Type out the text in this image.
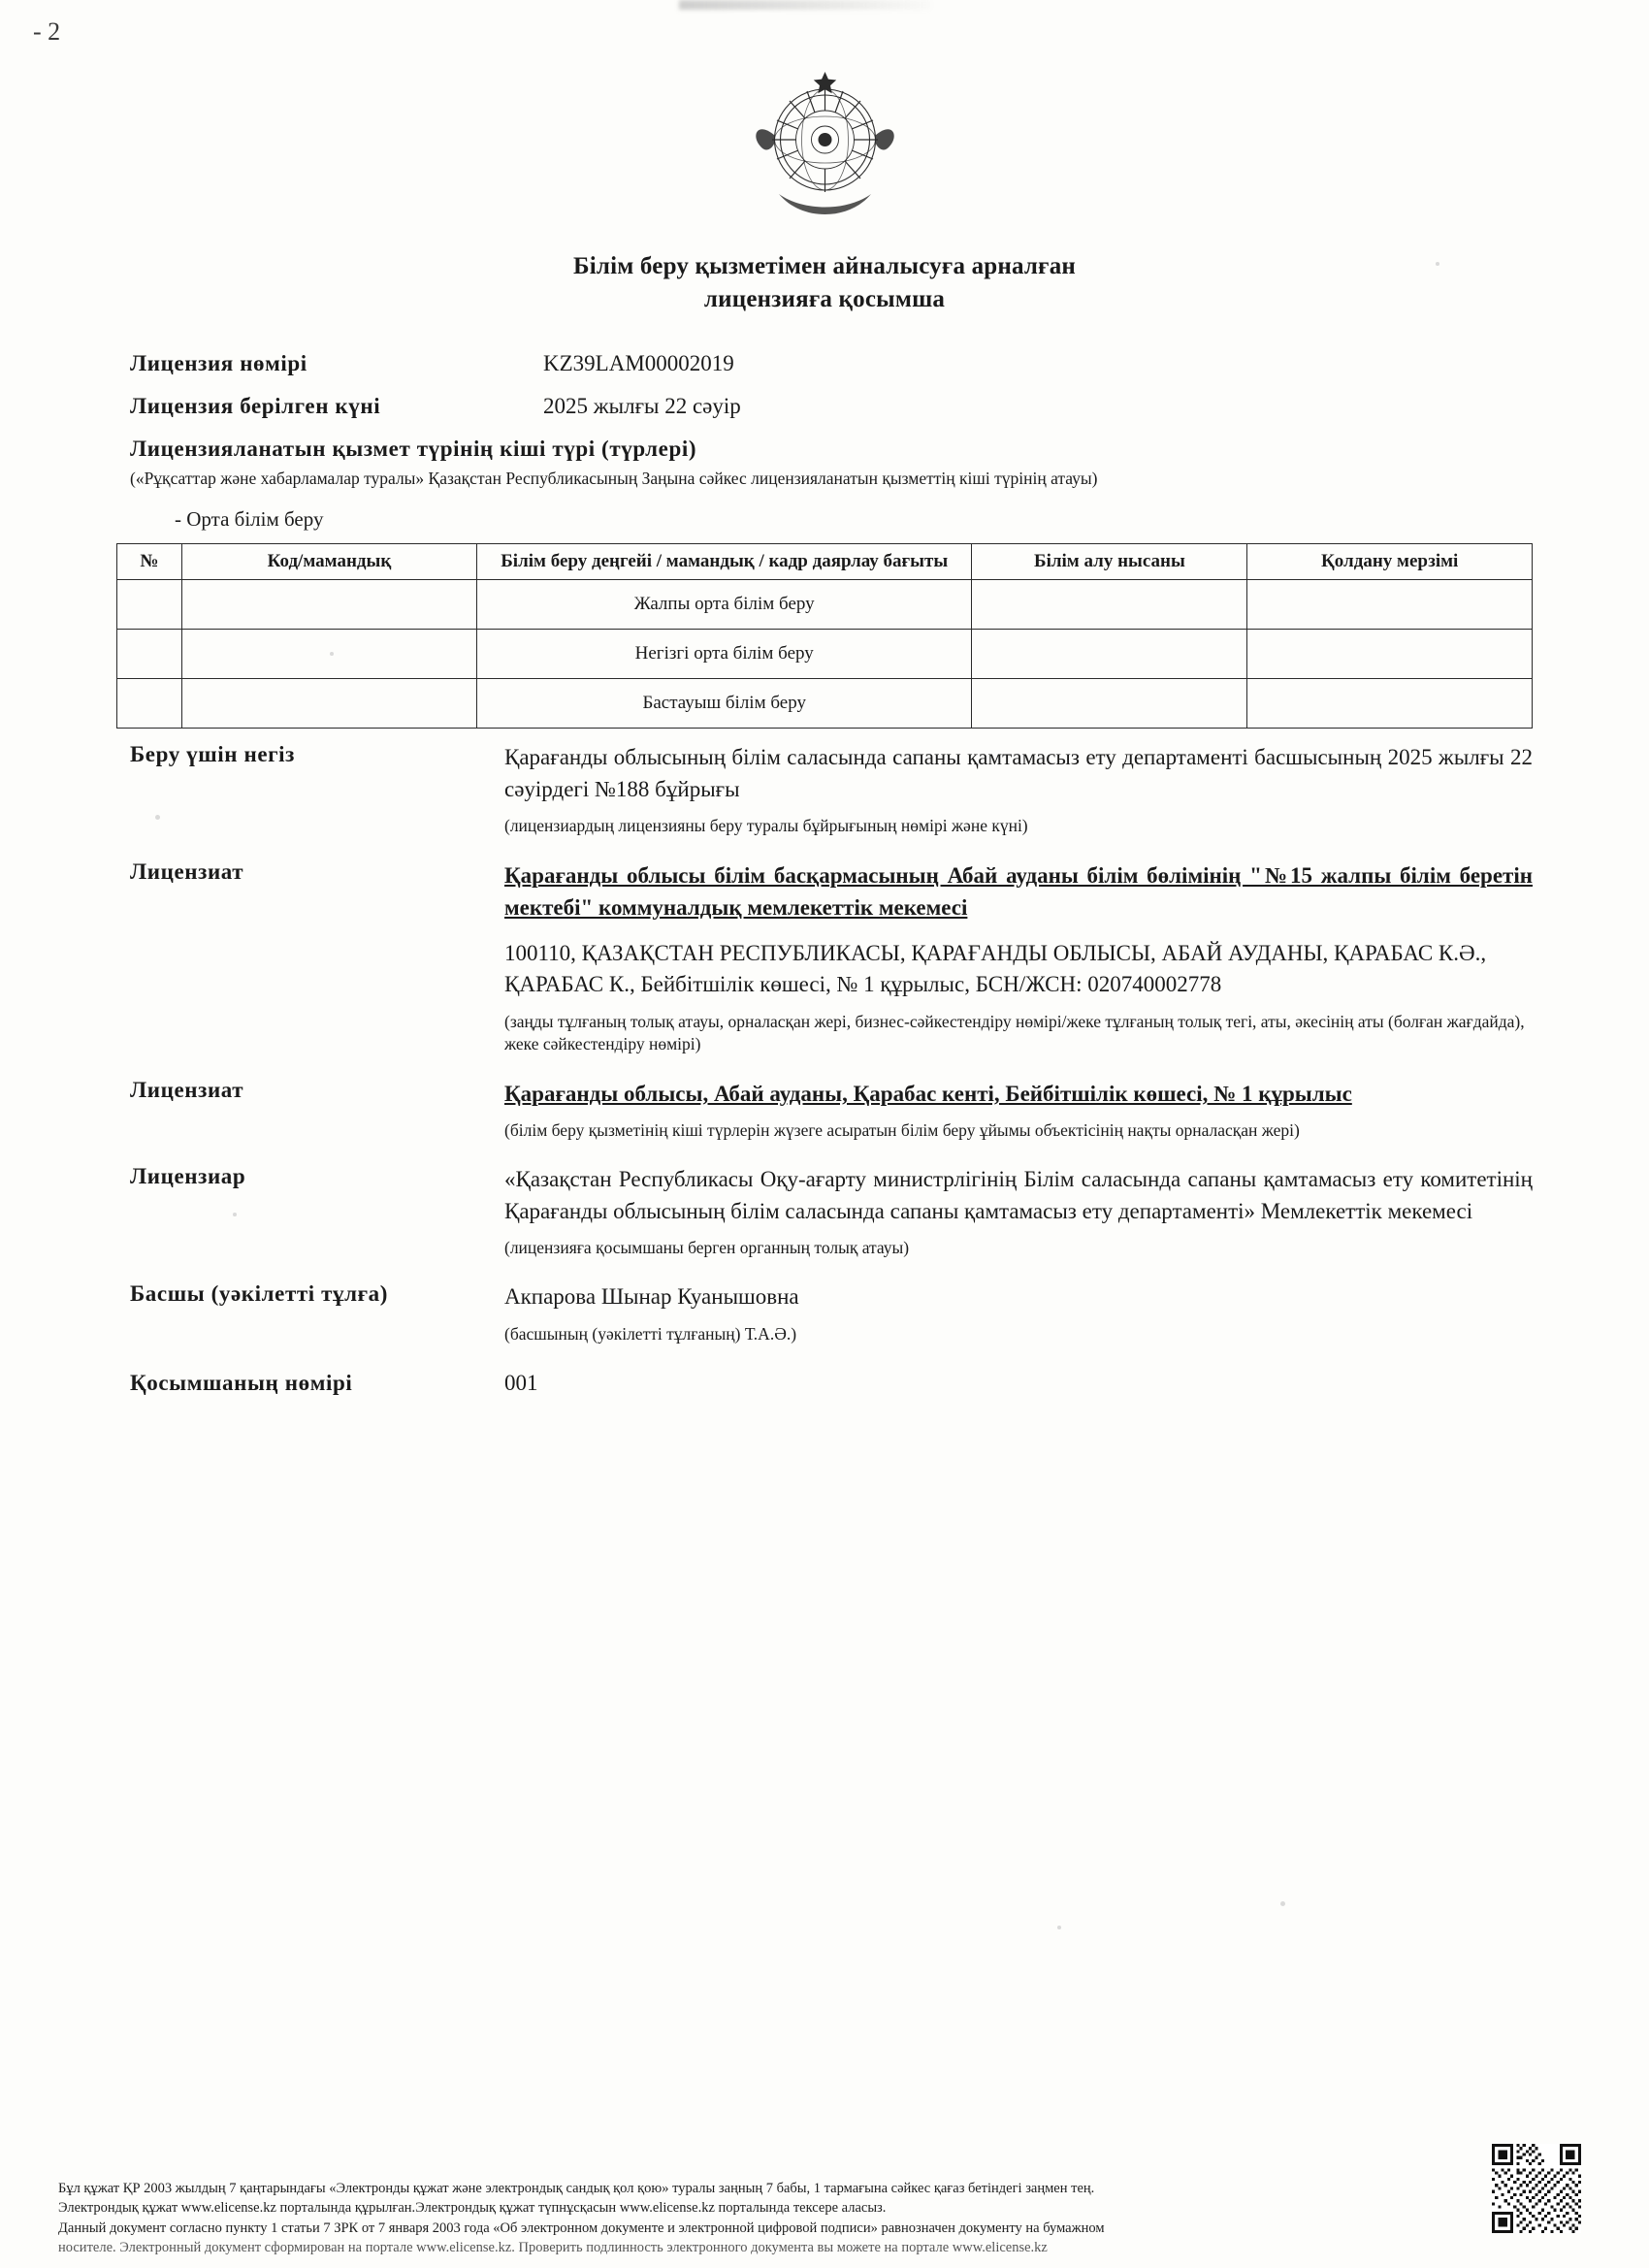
- 2
Білім беру қызметімен айналысуға арналған
лицензияға қосымша
Лицензия нөмірі	KZ39LAM00002019
Лицензия берілген күні	2025 жылғы 22 сәуір
Лицензияланатын қызмет түрінің кіші түрі (түрлері)
(«Рұқсаттар және хабарламалар туралы» Қазақстан Республикасының Заңына сәйкес лицензияланатын қызметтің кіші түрінің атауы)
- Орта білім беру
№	Код/мамандық	Білім беру деңгейі / мамандық / кадр даярлау бағыты	Білім алу нысаны	Қолдану мерзімі
		Жалпы орта білім беру		
		Негізгі орта білім беру		
		Бастауыш білім беру		
Беру үшін негіз	Қарағанды облысының білім саласында сапаны қамтамасыз ету департаменті басшысының 2025 жылғы 22 сәуірдегі №188 бұйрығы
(лицензиардың лицензияны беру туралы бұйрығының нөмірі және күні)
Лицензиат	Қарағанды облысы білім басқармасының Абай ауданы білім бөлімінің "№15 жалпы білім беретін мектебі" коммуналдық мемлекеттік мекемесі
100110, ҚАЗАҚСТАН РЕСПУБЛИКАСЫ, ҚАРАҒАНДЫ ОБЛЫСЫ, АБАЙ АУДАНЫ, ҚАРАБАС К.Ә., ҚАРАБАС К., Бейбітшілік көшесі, № 1 құрылыс, БСН/ЖСН: 020740002778
(заңды тұлғаның толық атауы, орналасқан жері, бизнес-сәйкестендіру нөмірі/жеке тұлғаның толық тегі, аты, әкесінің аты (болған жағдайда), жеке сәйкестендіру нөмірі)
Лицензиат	Қарағанды облысы, Абай ауданы, Қарабас кенті, Бейбітшілік көшесі, № 1 құрылыс
(білім беру қызметінің кіші түрлерін жүзеге асыратын білім беру ұйымы объектісінің нақты орналасқан жері)
Лицензиар	«Қазақстан Республикасы Оқу-ағарту министрлігінің Білім саласында сапаны қамтамасыз ету комитетінің Қарағанды облысының білім саласында сапаны қамтамасыз ету департаменті» Мемлекеттік мекемесі
(лицензияға қосымшаны берген органның толық атауы)
Басшы (уәкілетті тұлға)	Акпарова Шынар Куанышовна
(басшының (уәкілетті тұлғаның) Т.А.Ә.)
Қосымшаның нөмірі	001
Бұл құжат ҚР 2003 жылдың 7 қаңтарындағы «Электронды құжат және электрондық сандық қол қою» туралы заңның 7 бабы, 1 тармағына сәйкес қағаз бетіндегі заңмен тең.
Электрондық құжат www.elicense.kz порталында құрылған.Электрондық құжат түпнұсқасын www.elicense.kz порталында тексере аласыз.
Данный документ согласно пункту 1 статьи 7 ЗРК от 7 января 2003 года «Об электронном документе и электронной цифровой подписи» равнозначен документу на бумажном
носителе. Электронный документ сформирован на портале www.elicense.kz. Проверить подлинность электронного документа вы можете на портале www.elicense.kz
